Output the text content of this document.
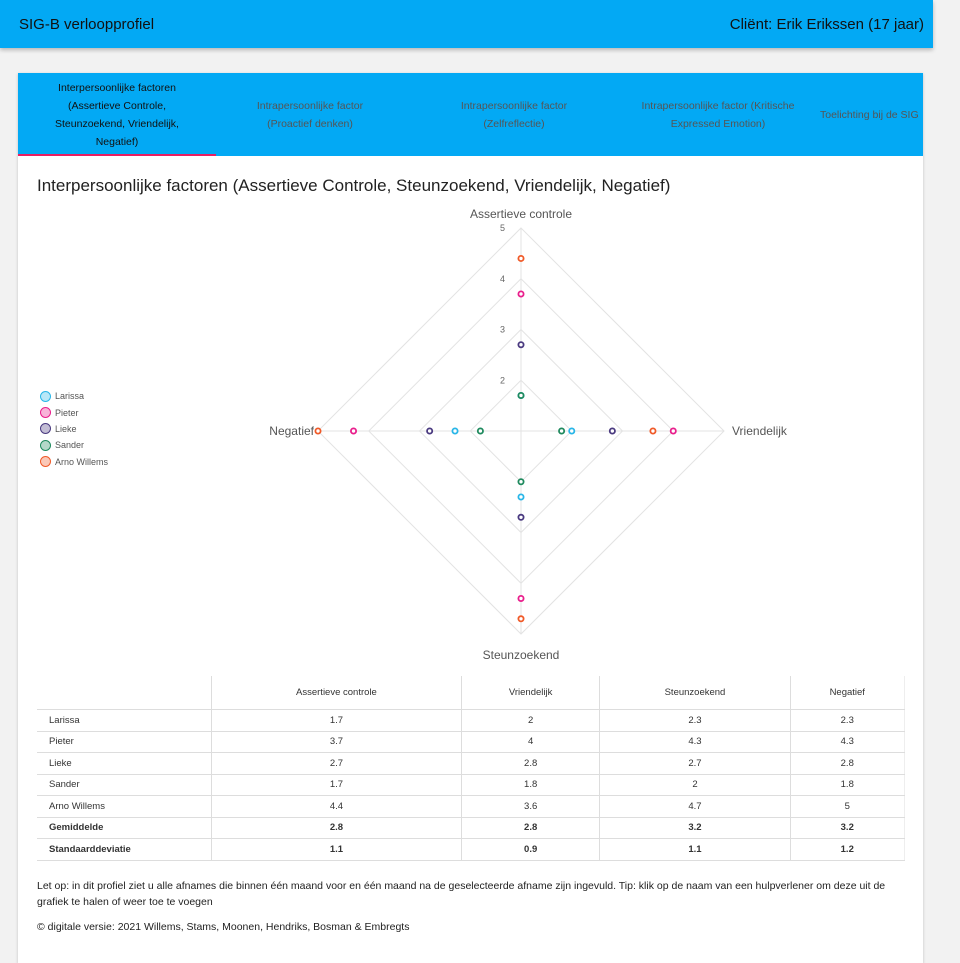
SIG-B verloopprofiel	Cliënt: Erik Erikssen (17 jaar)
Interpersoonlijke factoren (Assertieve Controle, Steunzoekend, Vriendelijk, Negatief)
Intrapersoonlijke factor (Proactief denken)
Intrapersoonlijke factor (Zelfreflectie)
Intrapersoonlijke factor (Kritische Expressed Emotion)
Toelichting bij de SIG
Interpersoonlijke factoren (Assertieve Controle, Steunzoekend, Vriendelijk, Negatief)
2
3
4
5
Assertieve controle
Vriendelijk
Steunzoekend
Negatief
Larissa
Pieter
Lieke
Sander
Arno Willems
	Assertieve controle	Vriendelijk	Steunzoekend	Negatief
Larissa	1.7	2	2.3	2.3
Pieter	3.7	4	4.3	4.3
Lieke	2.7	2.8	2.7	2.8
Sander	1.7	1.8	2	1.8
Arno Willems	4.4	3.6	4.7	5
Gemiddelde	2.8	2.8	3.2	3.2
Standaarddeviatie	1.1	0.9	1.1	1.2
Let op: in dit profiel ziet u alle afnames die binnen één maand voor en één maand na de geselecteerde afname zijn ingevuld. Tip: klik op de naam van een hulpverlener om deze uit de grafiek te halen of weer toe te voegen
© digitale versie: 2021 Willems, Stams, Moonen, Hendriks, Bosman & Embregts
